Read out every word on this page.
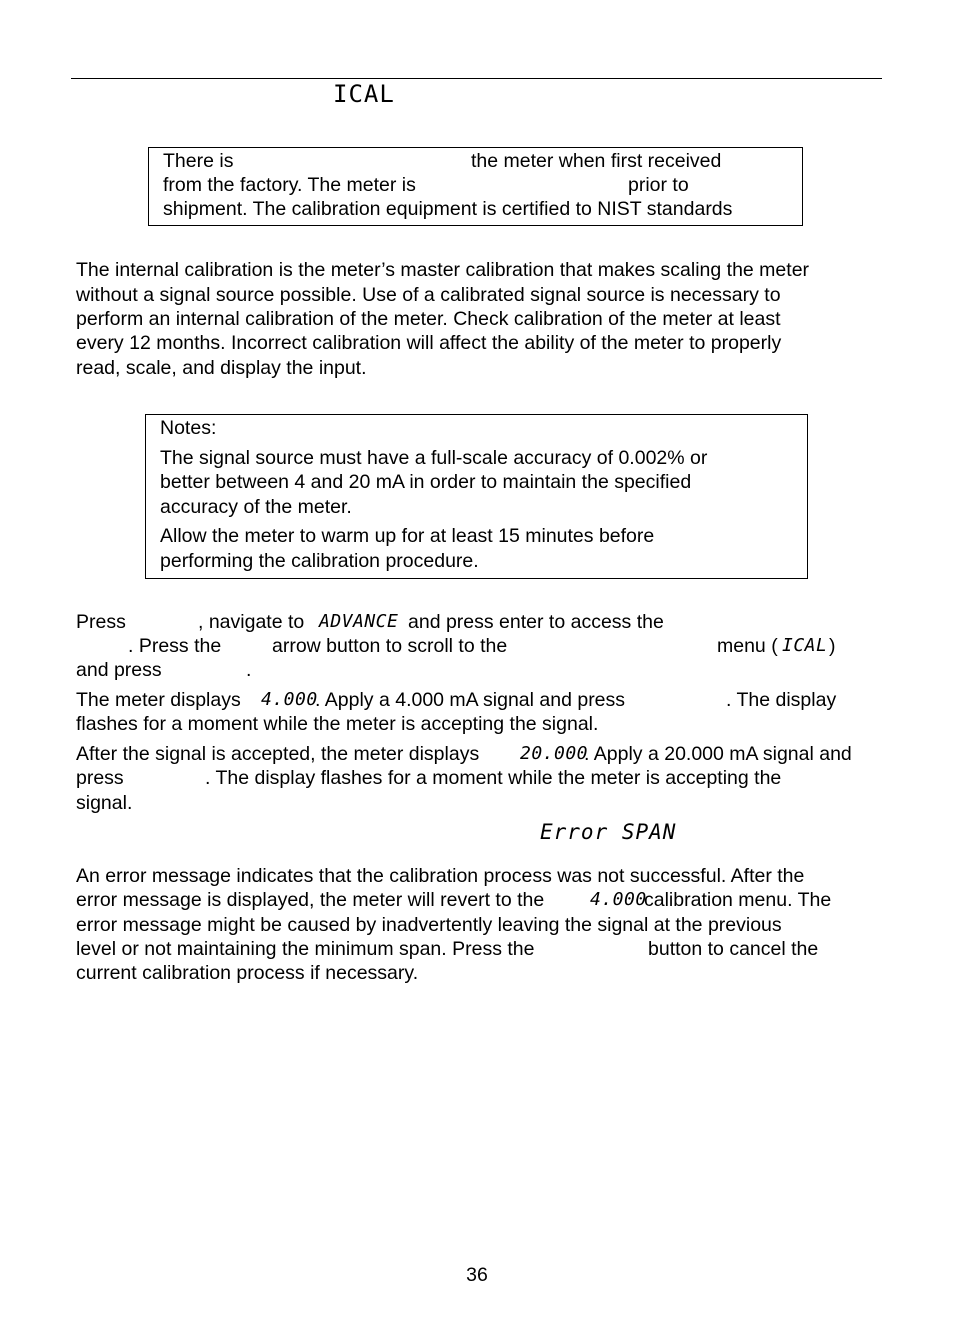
ICAL
There is	the meter when first received
from the factory. The meter is	prior to
shipment. The calibration equipment is certified to NIST standards
The internal calibration is the meter’s master calibration that makes scaling the meter
without a signal source possible. Use of a calibrated signal source is necessary to
perform an internal calibration of the meter. Check calibration of the meter at least
every 12 months. Incorrect calibration will affect the ability of the meter to properly
read, scale, and display the input.
Notes:
The signal source must have a full-scale accuracy of 0.002% or
better between 4 and 20 mA in order to maintain the specified
accuracy of the meter.
Allow the meter to warm up for at least 15 minutes before
performing the calibration procedure.
Press	, navigate to ADVANCE and press enter to access the
. Press the	arrow button to scroll to the	menu ( ICAL )
and press	.
The meter displays 4.000
. Apply a 4.000 mA signal and press	. The display
flashes for a moment while the meter is accepting the signal.
After the signal is accepted, the meter displays 20.000
. Apply a 20.000 mA signal and
press	. The display flashes for a moment while the meter is accepting the
signal.
Error SPAN
An error message indicates that the calibration process was not successful. After the
error message is displayed, the meter will revert to the	4.000
calibration menu. The
error message might be caused by inadvertently leaving the signal at the previous
level or not maintaining the minimum span. Press the	button to cancel the
current calibration process if necessary.
36
